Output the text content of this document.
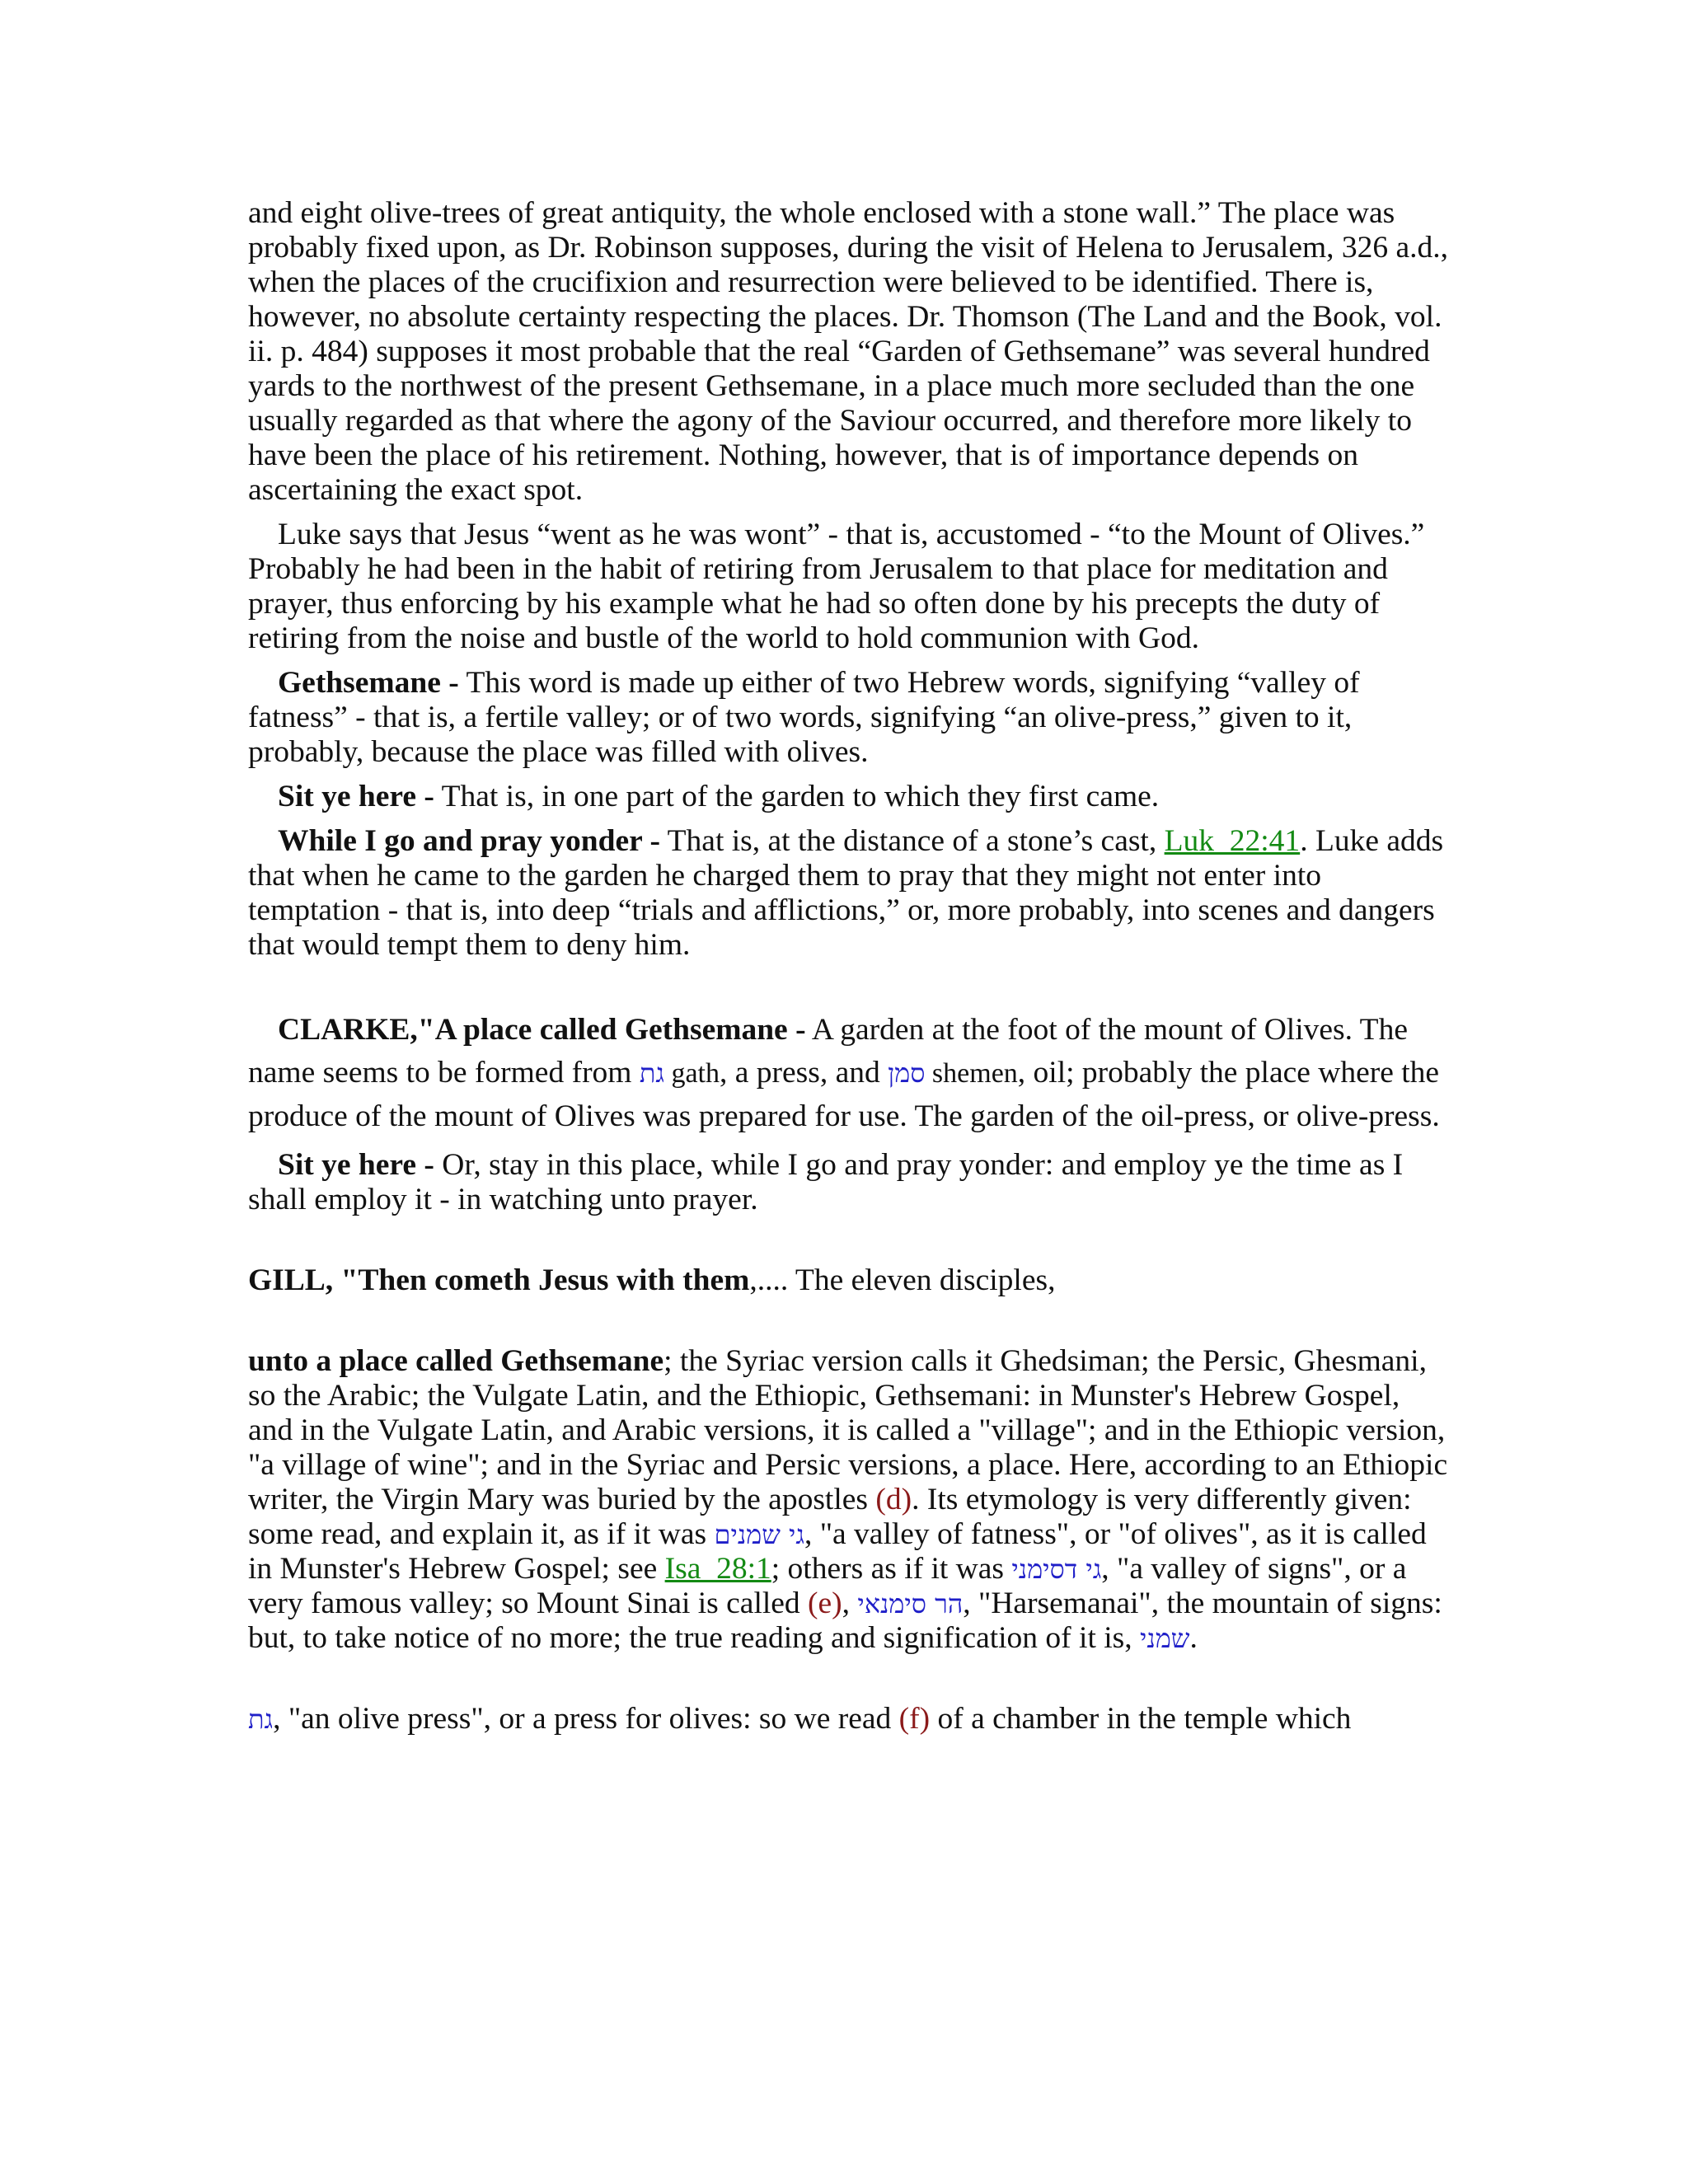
and eight olive-trees of great antiquity, the whole enclosed with a stone wall.” The place was probably fixed upon, as Dr. Robinson supposes, during the visit of Helena to Jerusalem, 326 a.d., when the places of the crucifixion and resurrection were believed to be identified. There is, however, no absolute certainty respecting the places. Dr. Thomson (The Land and the Book, vol. ii. p. 484) supposes it most probable that the real “Garden of Gethsemane” was several hundred yards to the northwest of the present Gethsemane, in a place much more secluded than the one usually regarded as that where the agony of the Saviour occurred, and therefore more likely to have been the place of his retirement. Nothing, however, that is of importance depends on ascertaining the exact spot.

Luke says that Jesus “went as he was wont” - that is, accustomed - “to the Mount of Olives.” Probably he had been in the habit of retiring from Jerusalem to that place for meditation and prayer, thus enforcing by his example what he had so often done by his precepts the duty of retiring from the noise and bustle of the world to hold communion with God.

Gethsemane - This word is made up either of two Hebrew words, signifying “valley of fatness” - that is, a fertile valley; or of two words, signifying “an olive-press,” given to it, probably, because the place was filled with olives.

Sit ye here - That is, in one part of the garden to which they first came.

While I go and pray yonder - That is, at the distance of a stone’s cast, Luk_22:41. Luke adds that when he came to the garden he charged them to pray that they might not enter into temptation - that is, into deep “trials and afflictions,” or, more probably, into scenes and dangers that would tempt them to deny him.

CLARKE,"A place called Gethsemane - A garden at the foot of the mount of Olives. The name seems to be formed from גת gath, a press, and סמן shemen, oil; probably the place where the produce of the mount of Olives was prepared for use. The garden of the oil-press, or olive-press.

Sit ye here - Or, stay in this place, while I go and pray yonder: and employ ye the time as I shall employ it - in watching unto prayer.

GILL, "Then cometh Jesus with them,.... The eleven disciples,

unto a place called Gethsemane; the Syriac version calls it Ghedsiman; the Persic, Ghesmani, so the Arabic; the Vulgate Latin, and the Ethiopic, Gethsemani: in Munster's Hebrew Gospel, and in the Vulgate Latin, and Arabic versions, it is called a "village"; and in the Ethiopic version, "a village of wine"; and in the Syriac and Persic versions, a place. Here, according to an Ethiopic writer, the Virgin Mary was buried by the apostles (d). Its etymology is very differently given: some read, and explain it, as if it was גי שמנים, "a valley of fatness", or "of olives", as it is called in Munster's Hebrew Gospel; see Isa_28:1; others as if it was גי דסימני, "a valley of signs", or a very famous valley; so Mount Sinai is called (e), הר סימנאי, "Harsemanai", the mountain of signs: but, to take notice of no more; the true reading and signification of it is, שמני.

גת, "an olive press", or a press for olives: so we read (f) of a chamber in the temple which
